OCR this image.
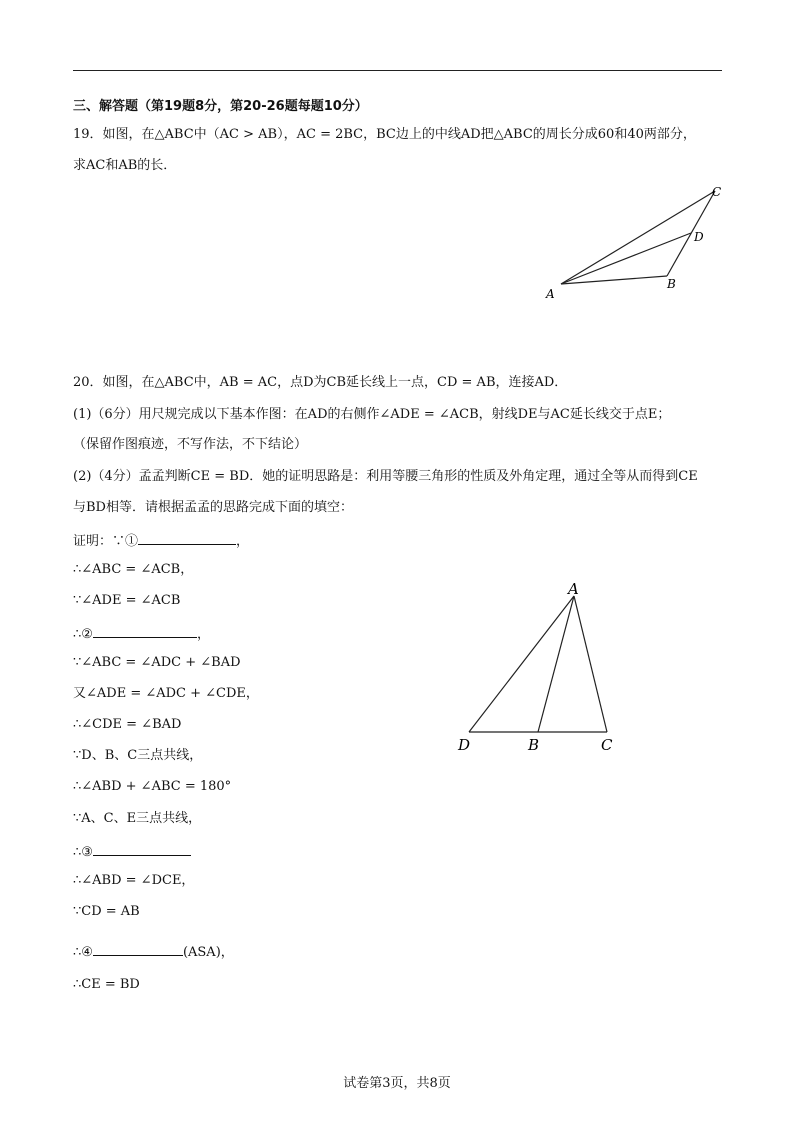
三、解答题（第19题8分，第20-26题每题10分）
19．如图，在△ABC中（AC > AB），AC = 2BC，BC边上的中线AD把△ABC的周长分成60和40两部分，
求AC和AB的长．
A
B
C
D
20．如图，在△ABC中，AB = AC，点D为CB延长线上一点，CD = AB，连接AD．
(1)（6分）用尺规完成以下基本作图：在AD的右侧作∠ADE = ∠ACB，射线DE与AC延长线交于点E；
（保留作图痕迹，不写作法，不下结论）
(2)（4分）孟孟判断CE = BD．她的证明思路是：利用等腰三角形的性质及外角定理，通过全等从而得到CE
与BD相等．请根据孟孟的思路完成下面的填空：
证明：∵①	，
∴∠ABC = ∠ACB，
∵∠ADE = ∠ACB
∴②	，
∵∠ABC = ∠ADC + ∠BAD
又∠ADE = ∠ADC + ∠CDE，
∴∠CDE = ∠BAD
∵D、B、C三点共线，
∴∠ABD + ∠ABC = 180°
∵A、C、E三点共线，
∴③
∴∠ABD = ∠DCE，
∵CD = AB
∴④	(ASA)，
∴CE = BD
A
D	B	C
试卷第3页，共8页
